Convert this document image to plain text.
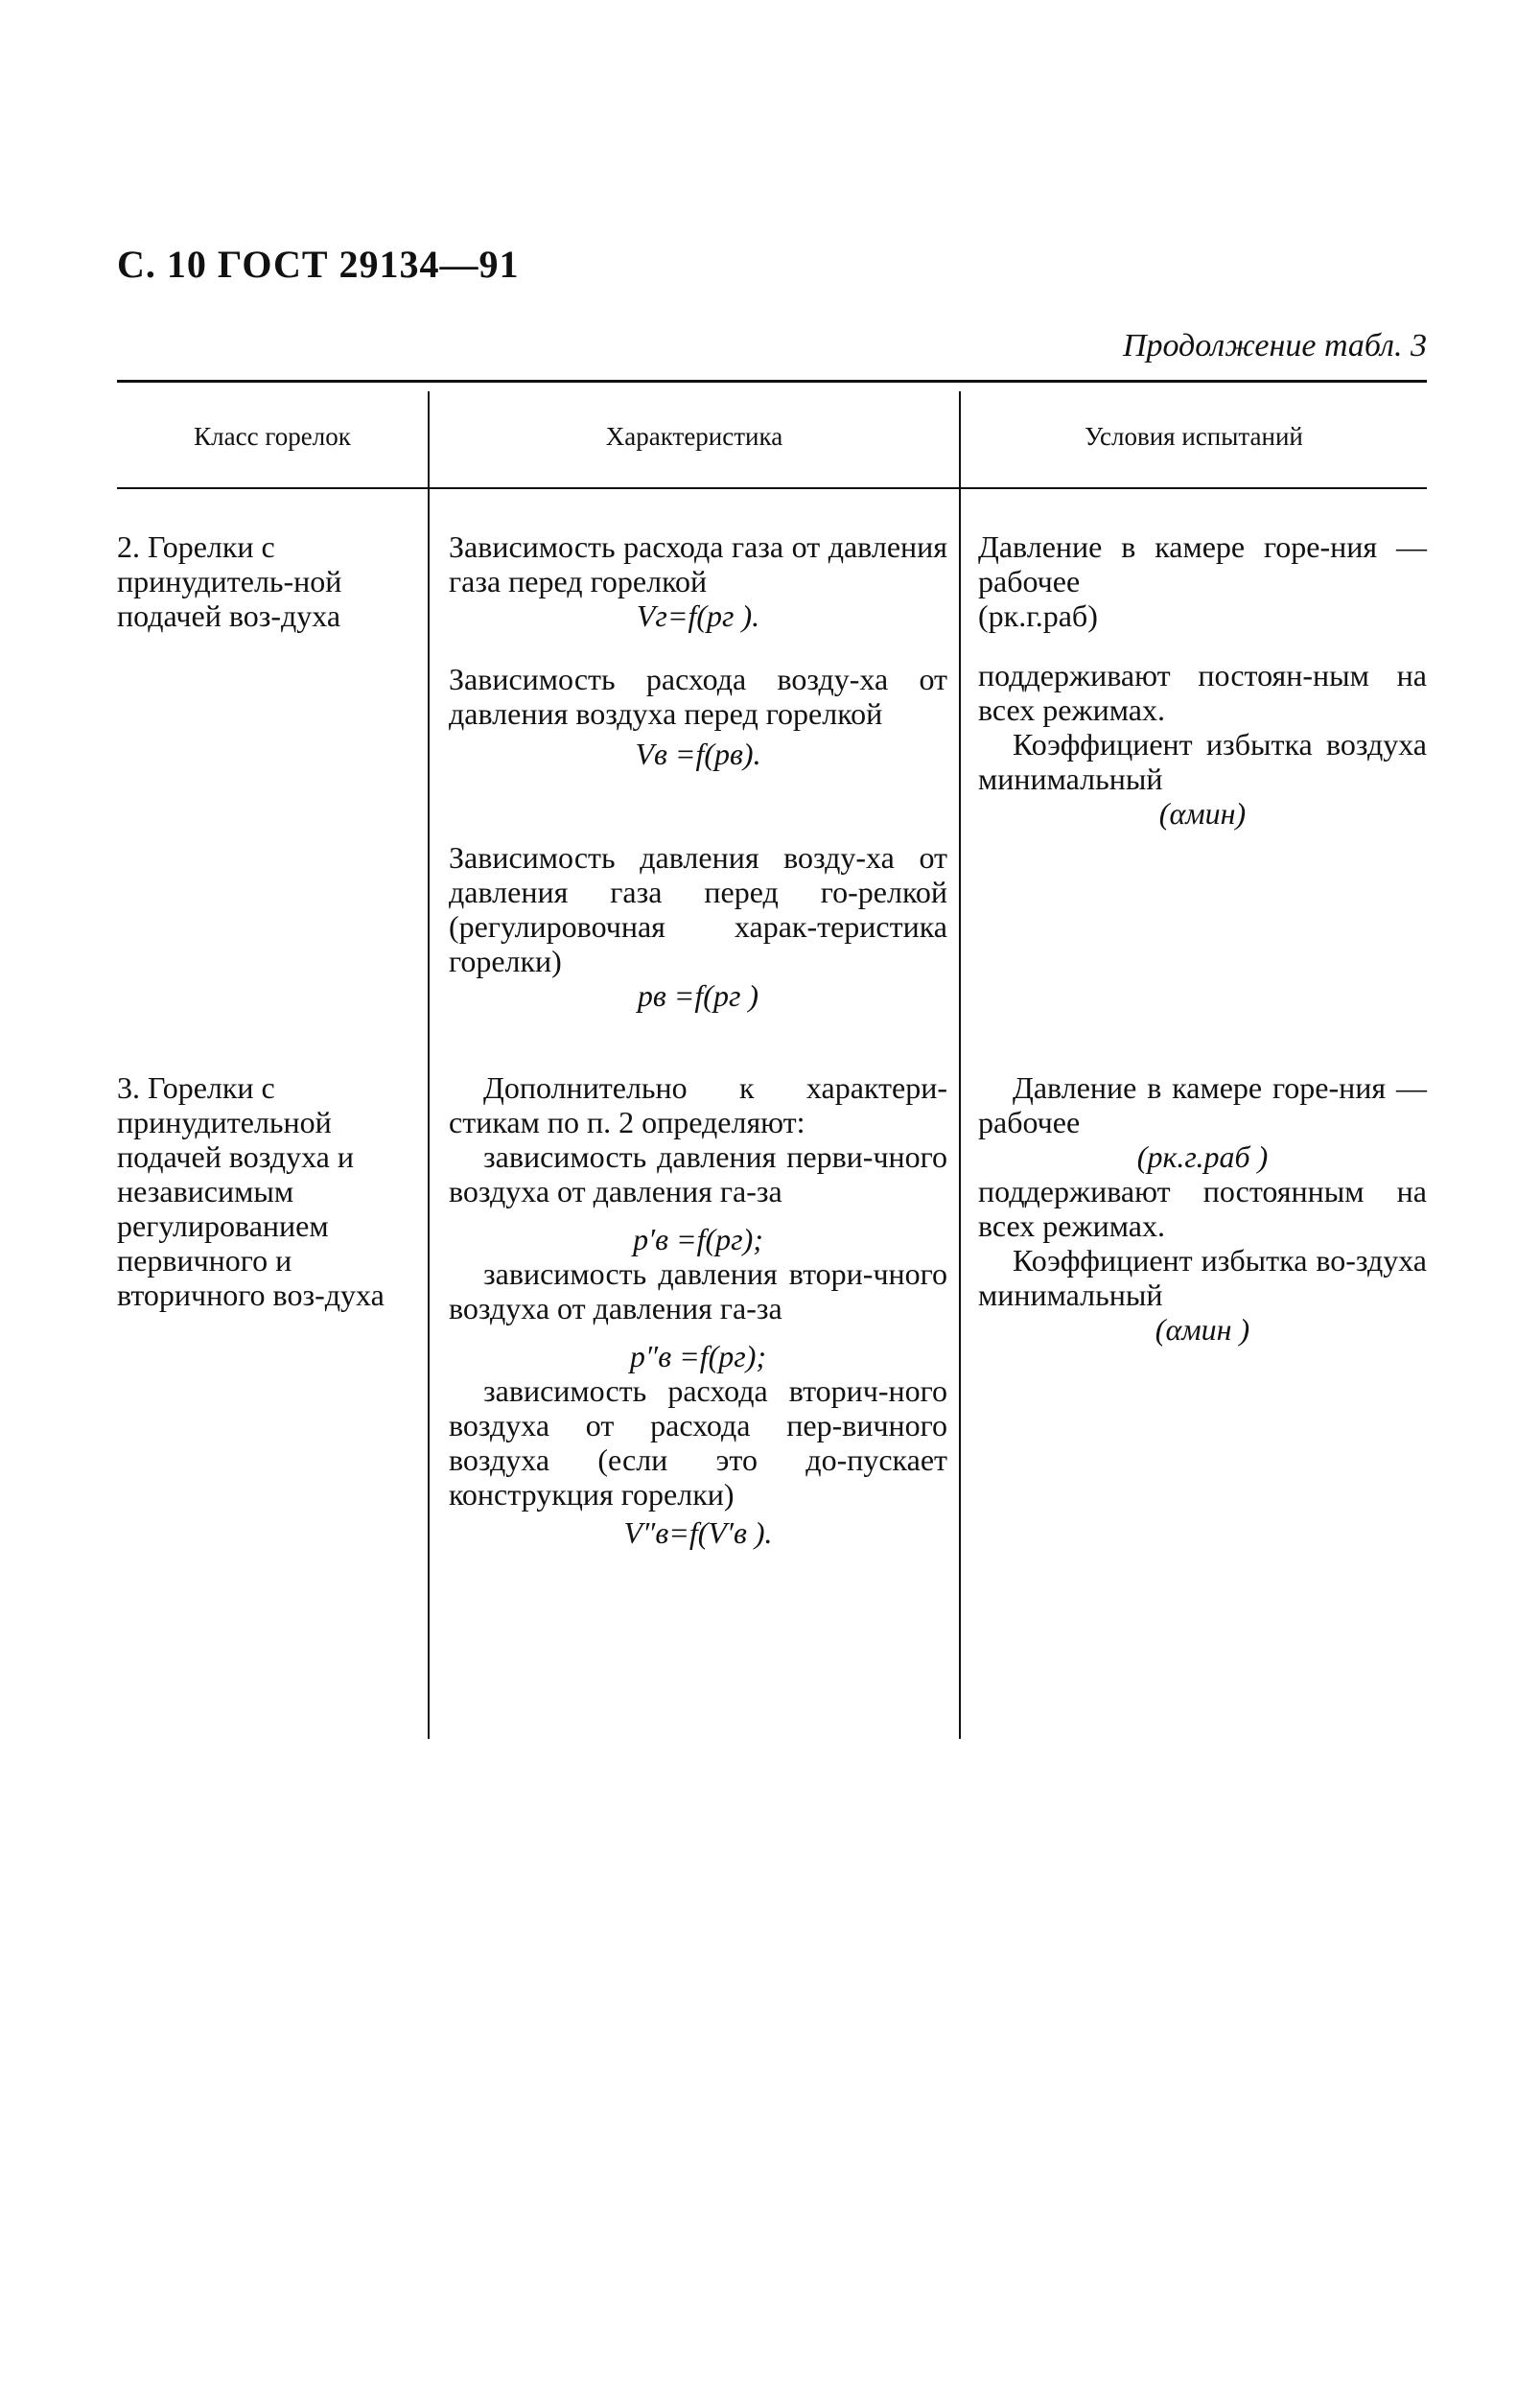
С. 10 ГОСТ 29134—91
Продолжение табл. 3
Класс горелок	Характеристика	Условия испытаний
2. Горелки с принудитель-ной подачей воз-духа

Зависимость расхода газа от давления газа перед горелкой

Vг=f(pг ).

Зависимость расхода возду-ха от давления воздуха перед горелкой

Vв =f(pв).

Зависимость давления возду-ха от давления газа перед го-релкой (регулировочная харак-теристика горелки)

pв =f(pг )

Давление в камере горе-ния — рабочее

(pк.г.раб)

поддерживают постоян-ным на всех режимах.

Коэффициент избытка воздуха минимальный

(αмин)

3. Горелки с принудительной подачей воздуха и независимым регулированием первичного и вторичного воз-духа

Дополнительно к характери-стикам по п. 2 определяют:

зависимость давления перви-чного воздуха от давления га-за

p′в =f(pг);

зависимость давления втори-чного воздуха от давления га-за

p″в =f(pг);

зависимость расхода вторич-ного воздуха от расхода пер-вичного воздуха (если это до-пускает конструкция горелки)

V″в=f(V′в ).

Давление в камере горе-ния — рабочее

(pк.г.раб )

поддерживают постоянным на всех режимах.

Коэффициент избытка во-здуха минимальный

(αмин )
